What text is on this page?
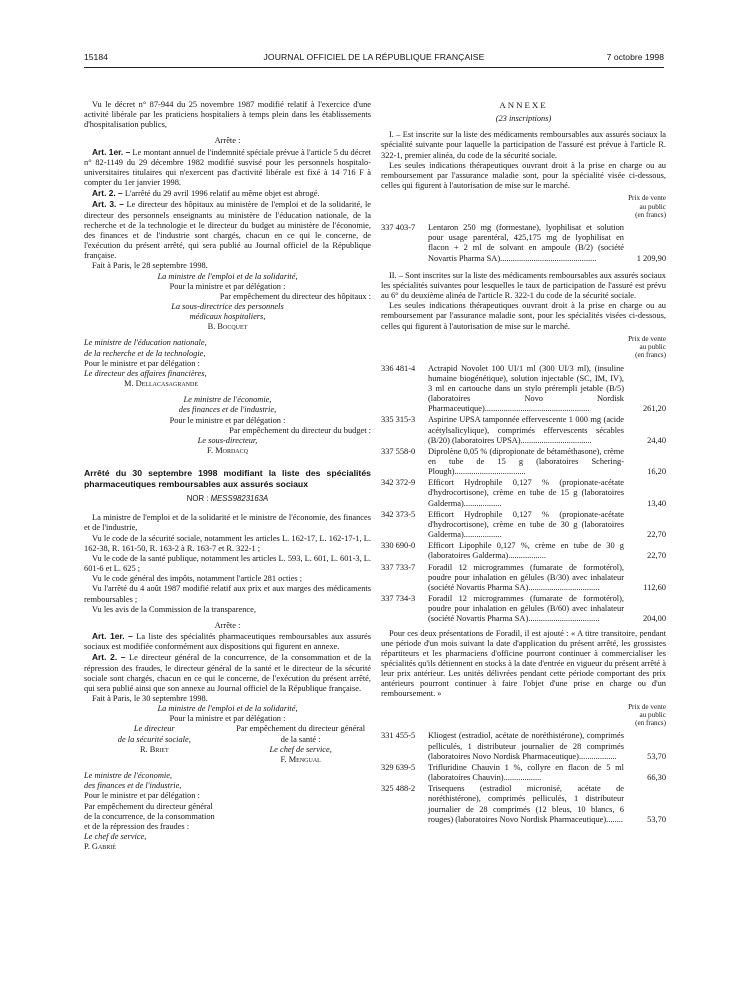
15184	JOURNAL OFFICIEL DE LA RÉPUBLIQUE FRANÇAISE	7 octobre 1998

Vu le décret n° 87-944 du 25 novembre 1987 modifié relatif à l'exercice d'une activité libérale par les praticiens hospitaliers à temps plein dans les établissements d'hospitalisation publics,

Arrête :

Art. 1er. – Le montant annuel de l'indemnité spéciale prévue à l'article 5 du décret n° 82-1149 du 29 décembre 1982 modifié susvisé pour les personnels hospitalo-universitaires titulaires qui n'exercent pas d'activité libérale est fixé à 14 716 F à compter du 1er janvier 1998.

Art. 2. – L'arrêté du 29 avril 1996 relatif au même objet est abrogé.

Art. 3. – Le directeur des hôpitaux au ministère de l'emploi et de la solidarité, le directeur des personnels enseignants au ministère de l'éducation nationale, de la recherche et de la technologie et le directeur du budget au ministère de l'économie, des finances et de l'industrie sont chargés, chacun en ce qui le concerne, de l'exécution du présent arrêté, qui sera publié au Journal officiel de la République française.

Fait à Paris, le 28 septembre 1998.

La ministre de l'emploi et de la solidarité,

Pour la ministre et par délégation :

Par empêchement du directeur des hôpitaux :

La sous-directrice des personnels

médicaux hospitaliers,

B. Bocquet

Le ministre de l'éducation nationale,

de la recherche et de la technologie,

Pour le ministre et par délégation :

Le directeur des affaires financières,

M. Dellacasagrande

Le ministre de l'économie,

des finances et de l'industrie,

Pour le ministre et par délégation :

Par empêchement du directeur du budget :

Le sous-directeur,

F. Mordacq

Arrêté du 30 septembre 1998 modifiant la liste des spécialités pharmaceutiques remboursables aux assurés sociaux

NOR : MESS9823163A

La ministre de l'emploi et de la solidarité et le ministre de l'économie, des finances et de l'industrie,

Vu le code de la sécurité sociale, notamment les articles L. 162-17, L. 162-17-1, L. 162-38, R. 161-50, R. 163-2 à R. 163-7 et R. 322-1 ;

Vu le code de la santé publique, notamment les articles L. 593, L. 601, L. 601-3, L. 601-6 et L. 625 ;

Vu le code général des impôts, notamment l'article 281 octies ;

Vu l'arrêté du 4 août 1987 modifié relatif aux prix et aux marges des médicaments remboursables ;

Vu les avis de la Commission de la transparence,

Arrête :

Art. 1er. – La liste des spécialités pharmaceutiques remboursables aux assurés sociaux est modifiée conformément aux dispositions qui figurent en annexe.

Art. 2. – Le directeur général de la concurrence, de la consommation et de la répression des fraudes, le directeur général de la santé et le directeur de la sécurité sociale sont chargés, chacun en ce qui le concerne, de l'exécution du présent arrêté, qui sera publié ainsi que son annexe au Journal officiel de la République française.

Fait à Paris, le 30 septembre 1998.

La ministre de l'emploi et de la solidarité,

Pour la ministre et par délégation :

Le directeur

de la sécurité sociale,

R. Briet

Par empêchement du directeur général

de la santé :

Le chef de service,

F. Mengual

Le ministre de l'économie,

des finances et de l'industrie,

Pour le ministre et par délégation :

Par empêchement du directeur général

de la concurrence, de la consommation

et de la répression des fraudes :

Le chef de service,

P. Gabrié

ANNEXE

(23 inscriptions)

I. – Est inscrite sur la liste des médicaments remboursables aux assurés sociaux la spécialité suivante pour laquelle la participation de l'assuré est prévue à l'article R. 322-1, premier alinéa, du code de la sécurité sociale.

Les seules indications thérapeutiques ouvrant droit à la prise en charge ou au remboursement par l'assurance maladie sont, pour la spécialité visée ci-dessous, celles qui figurent à l'autorisation de mise sur le marché.

Prix de vente

au public

(en francs)

337 403-7	Lentaron 250 mg (formestane), lyophilisat et solution pour usage parentéral, 425,175 mg de lyophilisat en flacon + 2 ml de solvant en ampoule (B/2) (société Novartis Pharma SA)..............................................	1 209,90

II. – Sont inscrites sur la liste des médicaments remboursables aux assurés sociaux les spécialités suivantes pour lesquelles le taux de participation de l'assuré est prévu au 6° du deuxième alinéa de l'article R. 322-1 du code de la sécurité sociale.

Les seules indications thérapeutiques ouvrant droit à la prise en charge ou au remboursement par l'assurance maladie sont, pour les spécialités visées ci-dessous, celles qui figurent à l'autorisation de mise sur le marché.

Prix de vente

au public

(en francs)

336 481-4	Actrapid Novolet 100 UI/1 ml (300 UI/3 ml), (insuline humaine biogénétique), solution injectable (SC, IM, IV), 3 ml en cartouche dans un stylo prérempli jetable (B/5) (laboratoires Novo Nordisk Pharmaceutique)..................................................	261,20
335 315-3	Aspirine UPSA tamponnée effervescente 1 000 mg (acide acétylsalicylique), comprimés effervescents sécables (B/20) (laboratoires UPSA)..................................	24,40
337 558-0	Diprolène 0,05 % (dipropionate de bétaméthasone), crème en tube de 15 g (laboratoires Schering-Plough)..................................	16,20
342 372-9	Efficort Hydrophile 0,127 % (propionate-acétate d'hydrocortisone), crème en tube de 15 g (laboratoires Galderma)..................	13,40
342 373-5	Efficort Hydrophile 0,127 % (propionate-acétate d'hydrocortisone), crème en tube de 30 g (laboratoires Galderma)..................	22,70
330 690-0	Efficort Lipophile 0,127 %, crème en tube de 30 g (laboratoires Galderma)..................	22,70
337 733-7	Foradil 12 microgrammes (fumarate de formotérol), poudre pour inhalation en gélules (B/30) avec inhalateur (société Novartis Pharma SA)..................................	112,60
337 734-3	Foradil 12 microgrammes (fumarate de formotérol), poudre pour inhalation en gélules (B/60) avec inhalateur (société Novartis Pharma SA)..................................	204,00

Pour ces deux présentations de Foradil, il est ajouté : « A titre transitoire, pendant une période d'un mois suivant la date d'application du présent arrêté, les grossistes répartiteurs et les pharmaciens d'officine pourront continuer à commercialiser les spécialités qu'ils détiennent en stocks à la date d'entrée en vigueur du présent arrêté à leur prix antérieur. Les unités délivrées pendant cette période comportant des prix antérieurs pourront continuer à faire l'objet d'une prise en charge ou d'un remboursement. »

Prix de vente

au public

(en francs)

331 455-5	Kliogest (estradiol, acétate de noréthistérone), comprimés pelliculés, 1 distributeur journalier de 28 comprimés (laboratoires Novo Nordisk Pharmaceutique)..................	53,70
329 639-5	Trifluridine Chauvin 1 %, collyre en flacon de 5 ml (laboratoires Chauvin)..................	66,30
325 488-2	Trisequens (estradiol micronisé, acétate de noréthistérone), comprimés pelliculés, 1 distributeur journalier de 28 comprimés (12 bleus, 10 blancs, 6 rouges) (laboratoires Novo Nordisk Pharmaceutique)........	53,70
